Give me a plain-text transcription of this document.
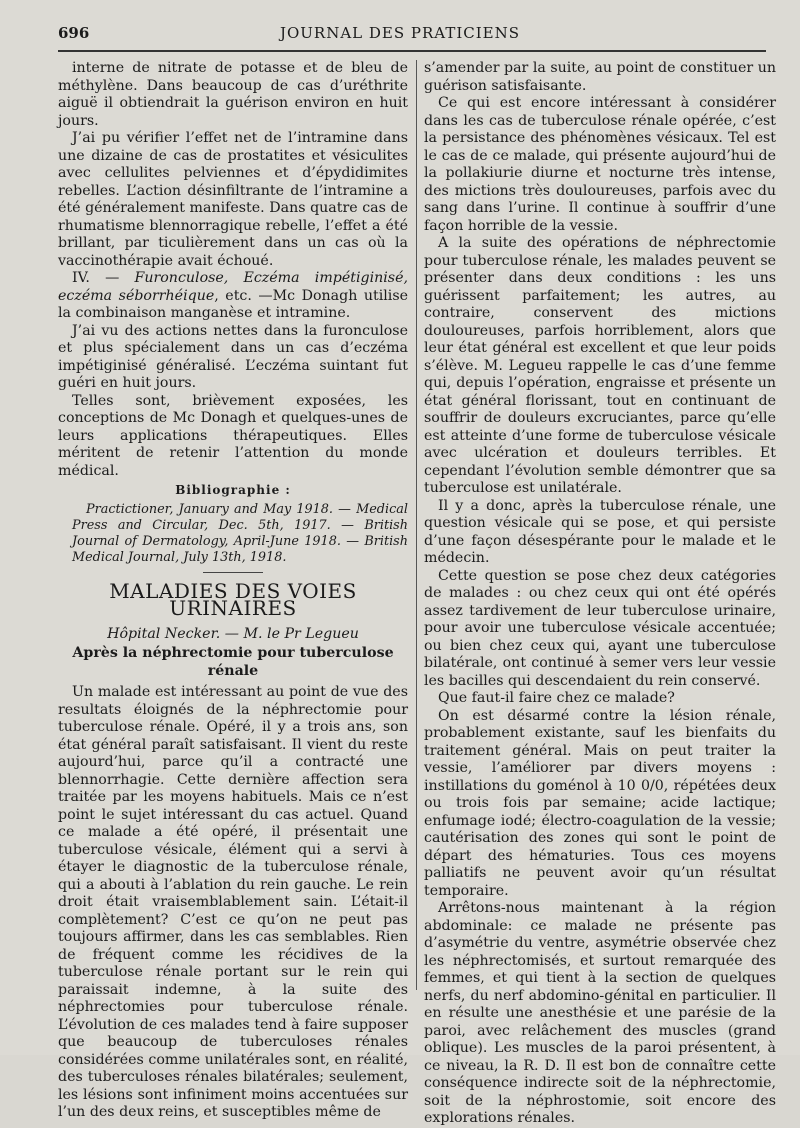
696	JOURNAL DES PRATICIENS

interne de nitrate de potasse et de bleu de méthylène. Dans beaucoup de cas d’uréthrite aiguë il obtiendrait la guérison environ en huit jours.

J’ai pu vérifier l’effet net de l’intramine dans une dizaine de cas de prostatites et vésiculites avec cellulites pelviennes et d’épydidimites rebelles. L’action désinfiltrante de l’intramine a été généralement manifeste. Dans quatre cas de rhumatisme blennorragique rebelle, l’effet a été brillant, par ticulièrement dans un cas où la vaccinothérapie avait échoué.

IV. — Furonculose, Eczéma impétiginisé, eczéma séborrhéique, etc. —Mc Donagh utilise la combinaison manganèse et intramine.

J’ai vu des actions nettes dans la furonculose et plus spécialement dans un cas d’eczéma impétiginisé généralisé. L’eczéma suintant fut guéri en huit jours.

Telles sont, brièvement exposées, les conceptions de Mc Donagh et quelques-unes de leurs applications thérapeutiques. Elles méritent de retenir l’attention du monde médical.

Bibliographie :

Practictioner, January and May 1918. — Medical Press and Circular, Dec. 5th, 1917. — British Journal of Dermatology, April-June 1918. — British Medical Journal, July 13th, 1918.

MALADIES DES VOIES URINAIRES
Hôpital Necker. — M. le Pr Legueu
Après la néphrectomie pour tuberculose rénale

Un malade est intéressant au point de vue des resultats éloignés de la néphrectomie pour tuberculose rénale. Opéré, il y a trois ans, son état général paraît satisfaisant. Il vient du reste aujourd’hui, parce qu’il a contracté une blennorrhagie. Cette dernière affection sera traitée par les moyens habituels. Mais ce n’est point le sujet intéressant du cas actuel. Quand ce malade a été opéré, il présentait une tuberculose vésicale, élément qui a servi à étayer le diagnostic de la tuberculose rénale, qui a abouti à l’ablation du rein gauche. Le rein droit était vraisemblablement sain. L’était-il complètement? C’est ce qu’on ne peut pas toujours affirmer, dans les cas semblables. Rien de fréquent comme les récidives de la tuberculose rénale portant sur le rein qui paraissait indemne, à la suite des néphrectomies pour tuberculose rénale. L’évolution de ces malades tend à faire supposer que beaucoup de tuberculoses rénales considérées comme unilatérales sont, en réalité, des tuberculoses rénales bilatérales; seulement, les lésions sont infiniment moins accentuées sur l’un des deux reins, et susceptibles même de

s’amender par la suite, au point de constituer un guérison satisfaisante.

Ce qui est encore intéressant à considérer dans les cas de tuberculose rénale opérée, c’est la persistance des phénomènes vésicaux. Tel est le cas de ce malade, qui présente aujourd’hui de la pollakiurie diurne et nocturne très intense, des mictions très douloureuses, parfois avec du sang dans l’urine. Il continue à souffrir d’une façon horrible de la vessie.

A la suite des opérations de néphrectomie pour tuberculose rénale, les malades peuvent se présenter dans deux conditions : les uns guérissent parfaitement; les autres, au contraire, conservent des mictions douloureuses, parfois horriblement, alors que leur état général est excellent et que leur poids s’élève. M. Legueu rappelle le cas d’une femme qui, depuis l’opération, engraisse et présente un état général florissant, tout en continuant de souffrir de douleurs excruciantes, parce qu’elle est atteinte d’une forme de tuberculose vésicale avec ulcération et douleurs terribles. Et cependant l’évolution semble démontrer que sa tuberculose est unilatérale.

Il y a donc, après la tuberculose rénale, une question vésicale qui se pose, et qui persiste d’une façon désespérante pour le malade et le médecin.

Cette question se pose chez deux catégories de malades : ou chez ceux qui ont été opérés assez tardivement de leur tuberculose urinaire, pour avoir une tuberculose vésicale accentuée; ou bien chez ceux qui, ayant une tuberculose bilatérale, ont continué à semer vers leur vessie les bacilles qui descendaient du rein conservé.

Que faut-il faire chez ce malade?

On est désarmé contre la lésion rénale, probablement existante, sauf les bienfaits du traitement général. Mais on peut traiter la vessie, l’améliorer par divers moyens : instillations du goménol à 10 0/0, répétées deux ou trois fois par semaine; acide lactique; enfumage iodé; électro-coagulation de la vessie; cautérisation des zones qui sont le point de départ des hématuries. Tous ces moyens palliatifs ne peuvent avoir qu’un résultat temporaire.

Arrêtons-nous maintenant à la région abdominale: ce malade ne présente pas d’asymétrie du ventre, asymétrie observée chez les néphrectomisés, et surtout remarquée des femmes, et qui tient à la section de quelques nerfs, du nerf abdomino-génital en particulier. Il en résulte une anesthésie et une parésie de la paroi, avec relâchement des muscles (grand oblique). Les muscles de la paroi présentent, à ce niveau, la R. D. Il est bon de connaître cette conséquence indirecte soit de la néphrectomie, soit de la néphrostomie, soit encore des explorations rénales.
